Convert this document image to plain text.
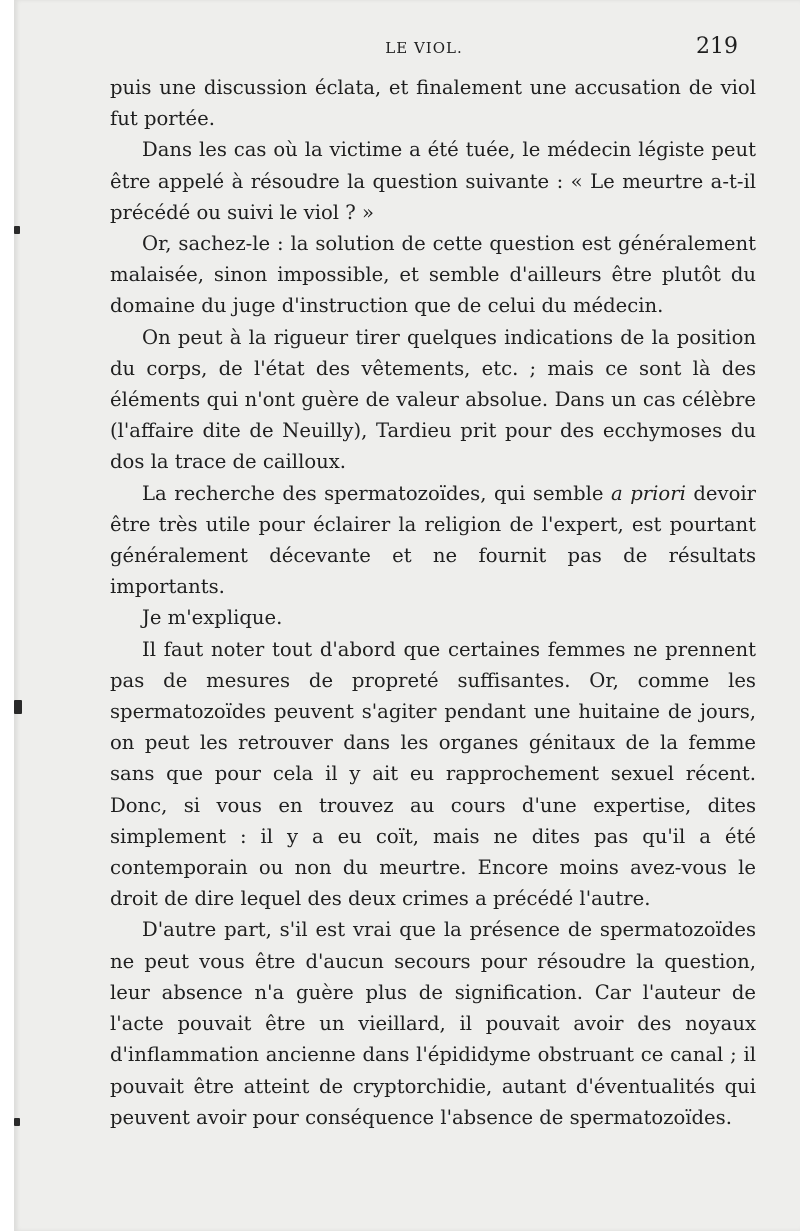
LE VIOL.	219

puis une discussion éclata, et finalement une accusation de viol fut portée.

Dans les cas où la victime a été tuée, le médecin légiste peut être appelé à résoudre la question suivante : « Le meurtre a-t-il précédé ou suivi le viol ? »

Or, sachez-le : la solution de cette question est généralement malaisée, sinon impossible, et semble d'ailleurs être plutôt du domaine du juge d'instruction que de celui du médecin.

On peut à la rigueur tirer quelques indications de la position du corps, de l'état des vêtements, etc. ; mais ce sont là des éléments qui n'ont guère de valeur absolue. Dans un cas célèbre (l'affaire dite de Neuilly), Tardieu prit pour des ecchymoses du dos la trace de cailloux.

La recherche des spermatozoïdes, qui semble a priori devoir être très utile pour éclairer la religion de l'expert, est pourtant généralement décevante et ne fournit pas de résultats importants.

Je m'explique.

Il faut noter tout d'abord que certaines femmes ne prennent pas de mesures de propreté suffisantes. Or, comme les spermatozoïdes peuvent s'agiter pendant une huitaine de jours, on peut les retrouver dans les organes génitaux de la femme sans que pour cela il y ait eu rapprochement sexuel récent. Donc, si vous en trouvez au cours d'une expertise, dites simplement : il y a eu coït, mais ne dites pas qu'il a été contemporain ou non du meurtre. Encore moins avez-vous le droit de dire lequel des deux crimes a précédé l'autre.

D'autre part, s'il est vrai que la présence de spermatozoïdes ne peut vous être d'aucun secours pour résoudre la question, leur absence n'a guère plus de signification. Car l'auteur de l'acte pouvait être un vieillard, il pouvait avoir des noyaux d'inflammation ancienne dans l'épididyme obstruant ce canal ; il pouvait être atteint de cryptorchidie, autant d'éventualités qui peuvent avoir pour conséquence l'absence de spermatozoïdes.
